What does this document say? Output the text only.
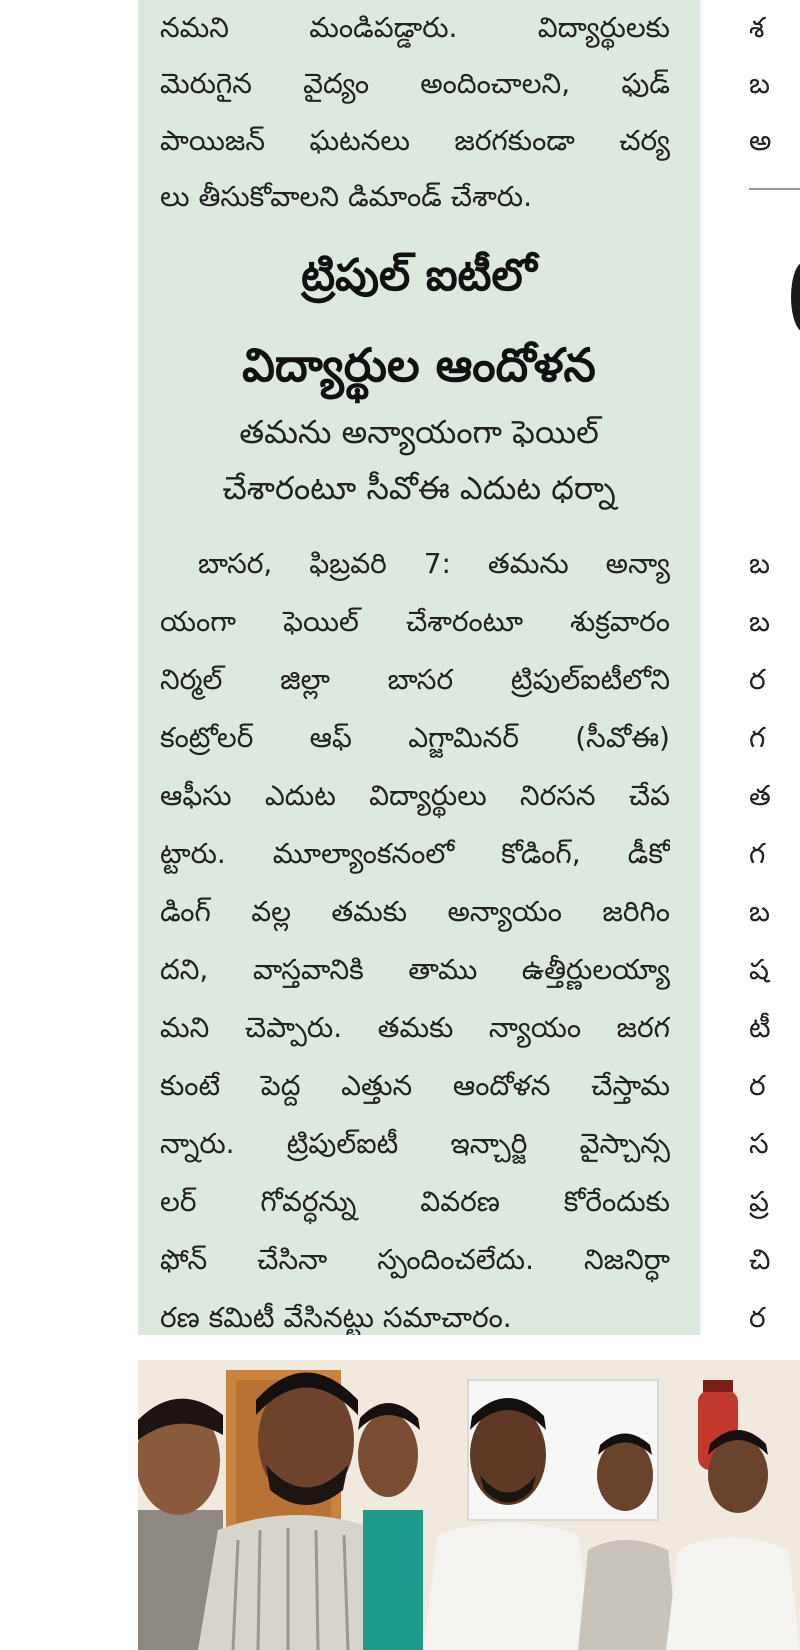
నమని మండిపడ్డారు. విద్యార్థులకు
మెరుగైన వైద్యం అందించాలని, ఫుడ్
పాయిజన్ ఘటనలు జరగకుండా చర్య
లు తీసుకోవాలని డిమాండ్ చేశారు.
ట్రిపుల్ ఐటీలో
విద్యార్థుల ఆందోళన
తమను అన్యాయంగా ఫెయిల్
చేశారంటూ సీవోఈ ఎదుట ధర్నా
బాసర, ఫిబ్రవరి 7: తమను అన్యా
యంగా ఫెయిల్ చేశారంటూ శుక్రవారం
నిర్మల్ జిల్లా బాసర ట్రిపుల్ఐటీలోని
కంట్రోలర్ ఆఫ్ ఎగ్జామినర్ (సీవోఈ)
ఆఫీసు ఎదుట విద్యార్థులు నిరసన చేప
ట్టారు. మూల్యాంకనంలో కోడింగ్, డీకో
డింగ్ వల్ల తమకు అన్యాయం జరిగిం
దని, వాస్తవానికి తాము ఉత్తీర్ణులయ్యా
మని చెప్పారు. తమకు న్యాయం జరగ
కుంటే పెద్ద ఎత్తున ఆందోళన చేస్తామ
న్నారు. ట్రిపుల్ఐటీ ఇన్చార్జి వైస్చాన్స
లర్ గోవర్ధన్ను వివరణ కోరేందుకు
ఫోన్ చేసినా స్పందించలేదు. నిజనిర్ధా
రణ కమిటీ వేసినట్టు సమాచారం.
శ
బ
అ
బ
బ
ర
గ
త
గ
బ
ష
టీ
ర
స
ప్ర
చి
ర
